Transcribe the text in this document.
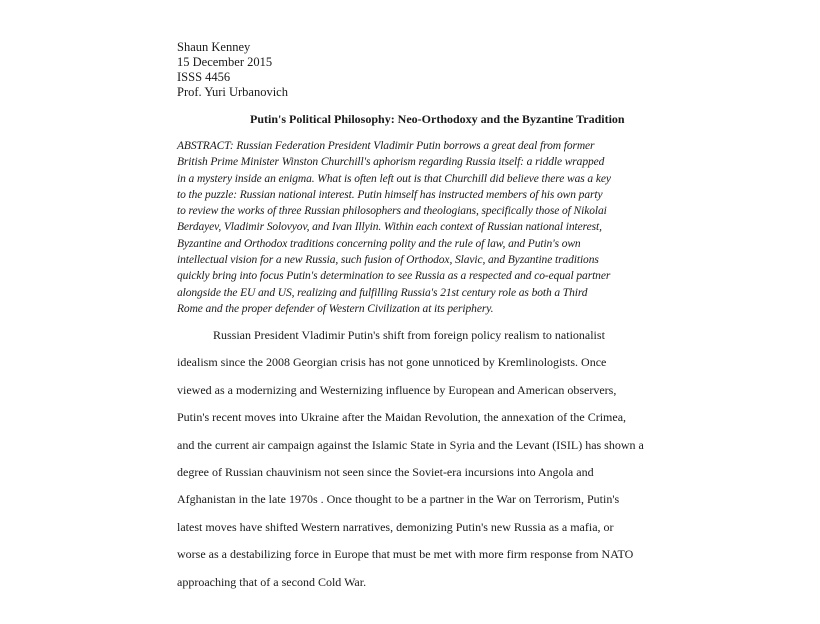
Shaun Kenney
15 December 2015
ISSS 4456
Prof. Yuri Urbanovich
Putin's Political Philosophy: Neo-Orthodoxy and the Byzantine Tradition
ABSTRACT: Russian Federation President Vladimir Putin borrows a great deal from former
British Prime Minister Winston Churchill's aphorism regarding Russia itself: a riddle wrapped
in a mystery inside an enigma. What is often left out is that Churchill did believe there was a key
to the puzzle: Russian national interest. Putin himself has instructed members of his own party
to review the works of three Russian philosophers and theologians, specifically those of Nikolai
Berdayev, Vladimir Solovyov, and Ivan Illyin. Within each context of Russian national interest,
Byzantine and Orthodox traditions concerning polity and the rule of law, and Putin's own
intellectual vision for a new Russia, such fusion of Orthodox, Slavic, and Byzantine traditions
quickly bring into focus Putin's determination to see Russia as a respected and co-equal partner
alongside the EU and US, realizing and fulfilling Russia's 21st century role as both a Third
Rome and the proper defender of Western Civilization at its periphery.
Russian President Vladimir Putin's shift from foreign policy realism to nationalist
idealism since the 2008 Georgian crisis has not gone unnoticed by Kremlinologists. Once
viewed as a modernizing and Westernizing influence by European and American observers,
Putin's recent moves into Ukraine after the Maidan Revolution, the annexation of the Crimea,
and the current air campaign against the Islamic State in Syria and the Levant (ISIL) has shown a
degree of Russian chauvinism not seen since the Soviet-era incursions into Angola and
Afghanistan in the late 1970s . Once thought to be a partner in the War on Terrorism, Putin's
latest moves have shifted Western narratives, demonizing Putin's new Russia as a mafia, or
worse as a destabilizing force in Europe that must be met with more firm response from NATO
approaching that of a second Cold War.
